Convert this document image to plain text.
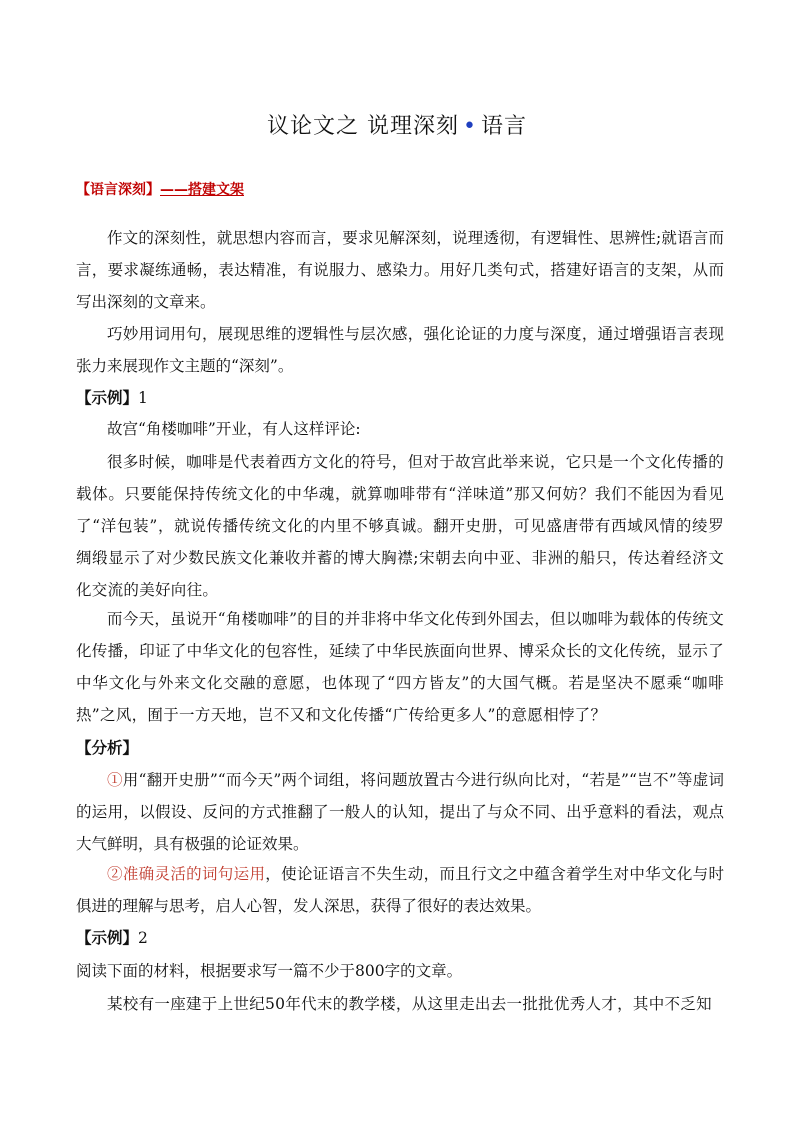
议论文之 说理深刻 • 语言
【语言深刻】——搭建文架

作文的深刻性，就思想内容而言，要求见解深刻，说理透彻，有逻辑性、思辨性;就语言而言，要求凝练通畅，表达精准，有说服力、感染力。用好几类句式，搭建好语言的支架，从而写出深刻的文章来。

巧妙用词用句，展现思维的逻辑性与层次感，强化论证的力度与深度，通过增强语言表现张力来展现作文主题的“深刻”。

【示例】1

故宫“角楼咖啡”开业，有人这样评论:

很多时候，咖啡是代表着西方文化的符号，但对于故宫此举来说，它只是一个文化传播的载体。只要能保持传统文化的中华魂，就算咖啡带有“洋味道”那又何妨？我们不能因为看见了“洋包装”，就说传播传统文化的内里不够真诚。翻开史册，可见盛唐带有西域风情的绫罗绸缎显示了对少数民族文化兼收并蓄的博大胸襟;宋朝去向中亚、非洲的船只，传达着经济文化交流的美好向往。

而今天，虽说开“角楼咖啡”的目的并非将中华文化传到外国去，但以咖啡为载体的传统文化传播，印证了中华文化的包容性，延续了中华民族面向世界、博采众长的文化传统，显示了中华文化与外来文化交融的意愿，也体现了“四方皆友”的大国气概。若是坚决不愿乘“咖啡热”之风，囿于一方天地，岂不又和文化传播“广传给更多人”的意愿相悖了？

【分析】

①用“翻开史册”“而今天”两个词组，将问题放置古今进行纵向比对，“若是”“岂不”等虚词的运用，以假设、反问的方式推翻了一般人的认知，提出了与众不同、出乎意料的看法，观点大气鲜明，具有极强的论证效果。

②准确灵活的词句运用，使论证语言不失生动，而且行文之中蕴含着学生对中华文化与时俱进的理解与思考，启人心智，发人深思，获得了很好的表达效果。

【示例】2

阅读下面的材料，根据要求写一篇不少于800字的文章。

某校有一座建于上世纪50年代末的教学楼，从这里走出去一批批优秀人才，其中不乏知
